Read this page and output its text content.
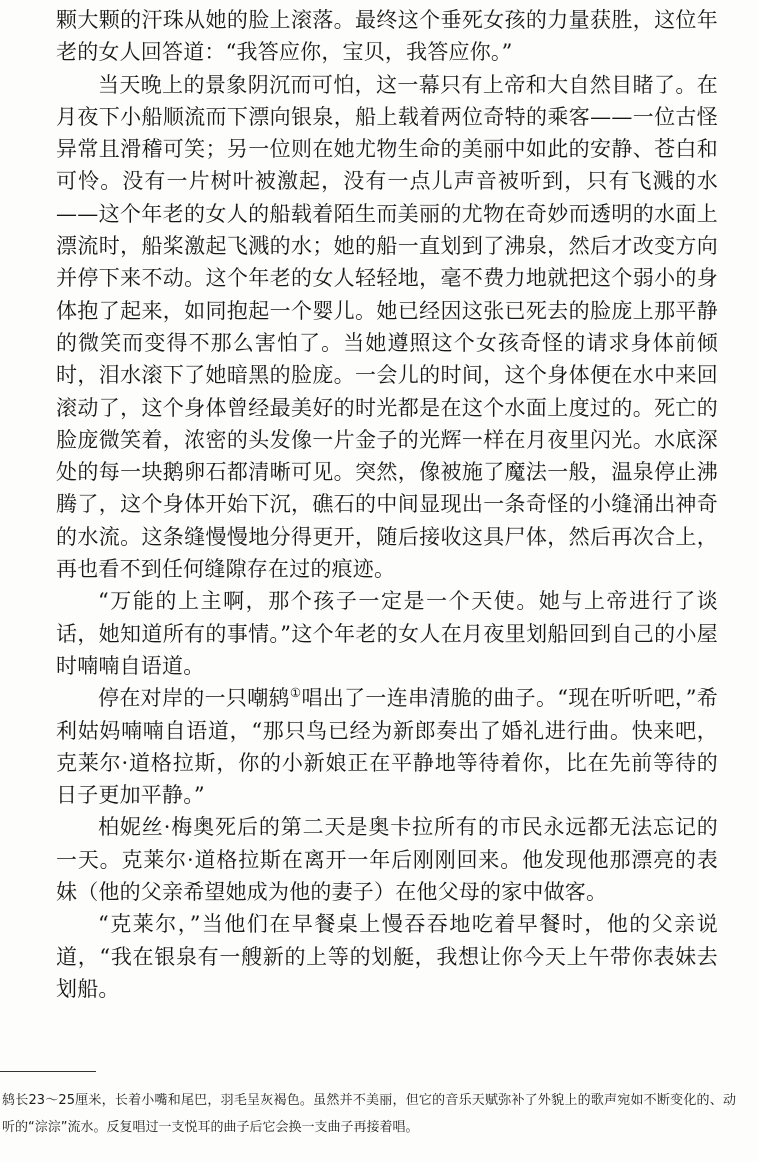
颗大颗的汗珠从她的脸上滚落。最终这个垂死女孩的力量获胜，这位年老的女人回答道：“我答应你，宝贝，我答应你。”

当天晚上的景象阴沉而可怕，这一幕只有上帝和大自然目睹了。在月夜下小船顺流而下漂向银泉，船上载着两位奇特的乘客——一位古怪异常且滑稽可笑；另一位则在她尤物生命的美丽中如此的安静、苍白和可怜。没有一片树叶被激起，没有一点儿声音被听到，只有飞溅的水——这个年老的女人的船载着陌生而美丽的尤物在奇妙而透明的水面上漂流时，船桨激起飞溅的水；她的船一直划到了沸泉，然后才改变方向并停下来不动。这个年老的女人轻轻地，毫不费力地就把这个弱小的身体抱了起来，如同抱起一个婴儿。她已经因这张已死去的脸庞上那平静的微笑而变得不那么害怕了。当她遵照这个女孩奇怪的请求身体前倾时，泪水滚下了她暗黑的脸庞。一会儿的时间，这个身体便在水中来回滚动了，这个身体曾经最美好的时光都是在这个水面上度过的。死亡的脸庞微笑着，浓密的头发像一片金子的光辉一样在月夜里闪光。水底深处的每一块鹅卵石都清晰可见。突然，像被施了魔法一般，温泉停止沸腾了，这个身体开始下沉，礁石的中间显现出一条奇怪的小缝涌出神奇的水流。这条缝慢慢地分得更开，随后接收这具尸体，然后再次合上，再也看不到任何缝隙存在过的痕迹。

“万能的上主啊，那个孩子一定是一个天使。她与上帝进行了谈话，她知道所有的事情。”这个年老的女人在月夜里划船回到自己的小屋时喃喃自语道。

停在对岸的一只嘲鸫①唱出了一连串清脆的曲子。“现在听听吧，”希利姑妈喃喃自语道，“那只鸟已经为新郎奏出了婚礼进行曲。快来吧，克莱尔·道格拉斯，你的小新娘正在平静地等待着你，比在先前等待的日子更加平静。”

柏妮丝·梅奥死后的第二天是奥卡拉所有的市民永远都无法忘记的一天。克莱尔·道格拉斯在离开一年后刚刚回来。他发现他那漂亮的表妹（他的父亲希望她成为他的妻子）在他父母的家中做客。

“克莱尔，”当他们在早餐桌上慢吞吞地吃着早餐时，他的父亲说道，“我在银泉有一艘新的上等的划艇，我想让你今天上午带你表妹去划船。

鸫长23～25厘米，长着小嘴和尾巴，羽毛呈灰褐色。虽然并不美丽，但它的音乐天赋弥补了外貌上的歌声宛如不断变化的、动听的“淙淙”流水。反复唱过一支悦耳的曲子后它会换一支曲子再接着唱。
